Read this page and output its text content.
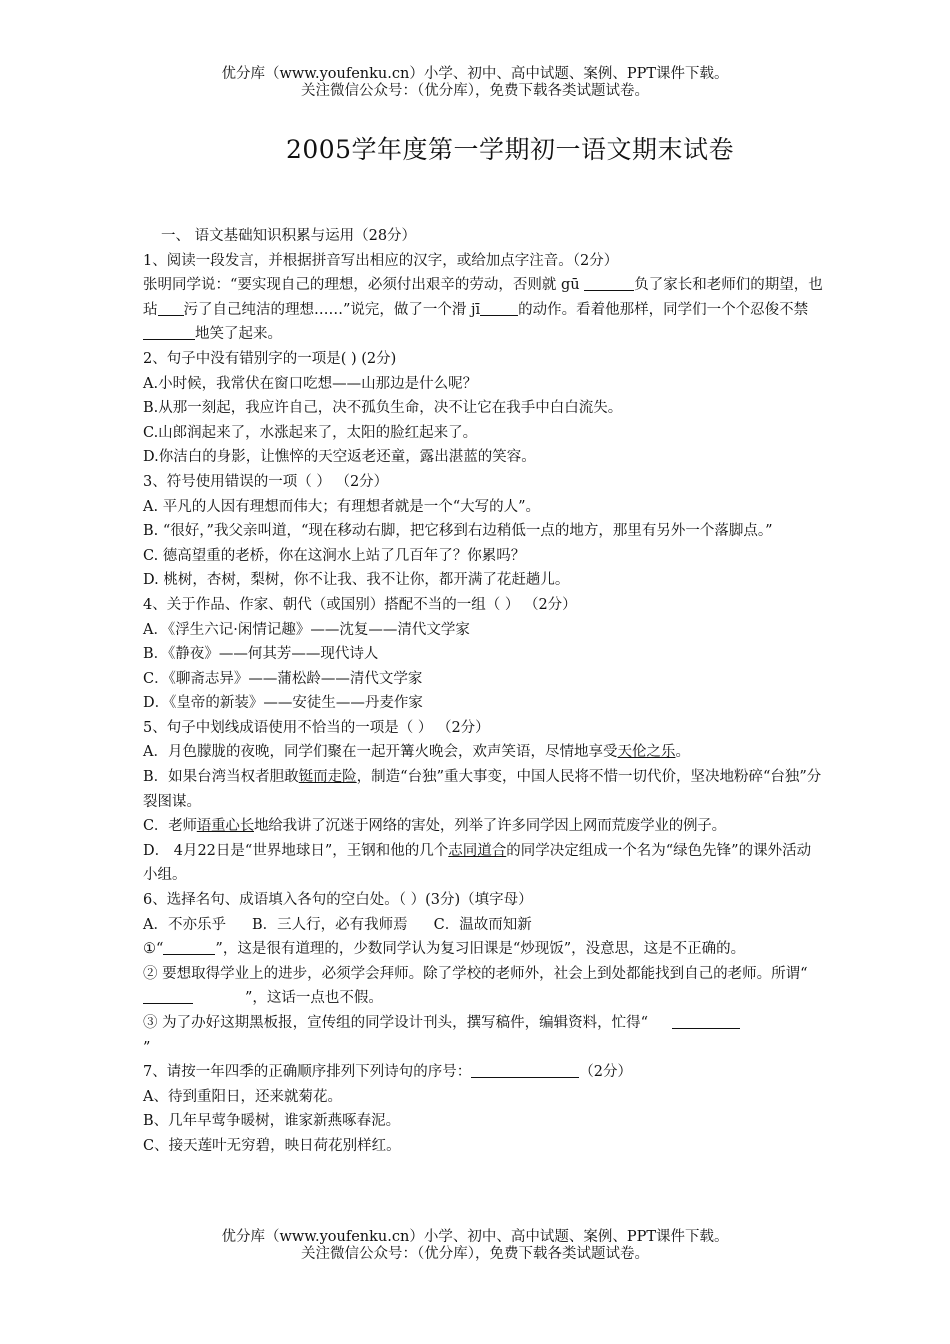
优分库（www.youfenku.cn）小学、初中、高中试题、案例、PPT课件下载。
关注微信公众号：（优分库），免费下载各类试题试卷。
2005学年度第一学期初一语文期末试卷

一、 语文基础知识积累与运用（28分）

1、阅读一段发言，并根据拼音写出相应的汉字，或给加点字注音。（2分）

张明同学说：“要实现自己的理想，必须付出艰辛的劳动，否则就 gū	负了家长和老师们的期望，也玷 污了自己纯洁的理想……”说完，做了一个滑 jī	的动作。看着他那样，同学们一个个忍俊不禁地笑了起来。

2、句子中没有错别字的一项是( ) (2分)

A.小时候，我常伏在窗口吃想——山那边是什么呢？

B.从那一刻起，我应许自己，决不孤负生命，决不让它在我手中白白流失。

C.山郎润起来了，水涨起来了，太阳的脸红起来了。

D.你洁白的身影，让憔悴的天空返老还童，露出湛蓝的笑容。

3、符号使用错误的一项（ ） （2分）

A. 平凡的人因有理想而伟大；有理想者就是一个“大写的人”。

B. “很好，”我父亲叫道，“现在移动右脚，把它移到右边稍低一点的地方，那里有另外一个落脚点。”

C. 德高望重的老桥，你在这涧水上站了几百年了？你累吗？

D. 桃树，杏树，梨树，你不让我、我不让你，都开满了花赶趟儿。

4、关于作品、作家、朝代（或国别）搭配不当的一组（ ） （2分）

A．《浮生六记·闲情记趣》——沈复——清代文学家

B．《静夜》——何其芳——现代诗人

C．《聊斋志异》——蒲松龄——清代文学家

D．《皇帝的新装》——安徒生——丹麦作家

5、句子中划线成语使用不恰当的一项是（ ） （2分）

A．月色朦胧的夜晚，同学们聚在一起开篝火晚会，欢声笑语，尽情地享受天伦之乐。

B．如果台湾当权者胆敢铤而走险，制造“台独”重大事变，中国人民将不惜一切代价，坚决地粉碎“台独”分裂图谋。

C．老师语重心长地给我讲了沉迷于网络的害处，列举了许多同学因上网而荒废学业的例子。

D． 4月22日是“世界地球日”，王钢和他的几个志同道合的同学决定组成一个名为“绿色先锋”的课外活动小组。

6、选择名句、成语填入各句的空白处。（ ）(3分)（填字母）

A．不亦乐乎 B．三人行，必有我师焉 C．温故而知新

①“	”，这是很有道理的，少数同学认为复习旧课是“炒现饭”，没意思，这是不正确的。

② 要想取得学业上的进步，必须学会拜师。除了学校的老师外，社会上到处都能找到自己的老师。所谓“”，这话一点也不假。

③ 为了办好这期黑板报，宣传组的同学设计刊头，撰写稿件，编辑资料，忙得“
”

7、请按一年四季的正确顺序排列下列诗句的序号：	（2分）

A、待到重阳日，还来就菊花。

B、几年早莺争暖树，谁家新燕啄春泥。

C、接天莲叶无穷碧，映日荷花别样红。

优分库（www.youfenku.cn）小学、初中、高中试题、案例、PPT课件下载。
关注微信公众号：（优分库），免费下载各类试题试卷。
